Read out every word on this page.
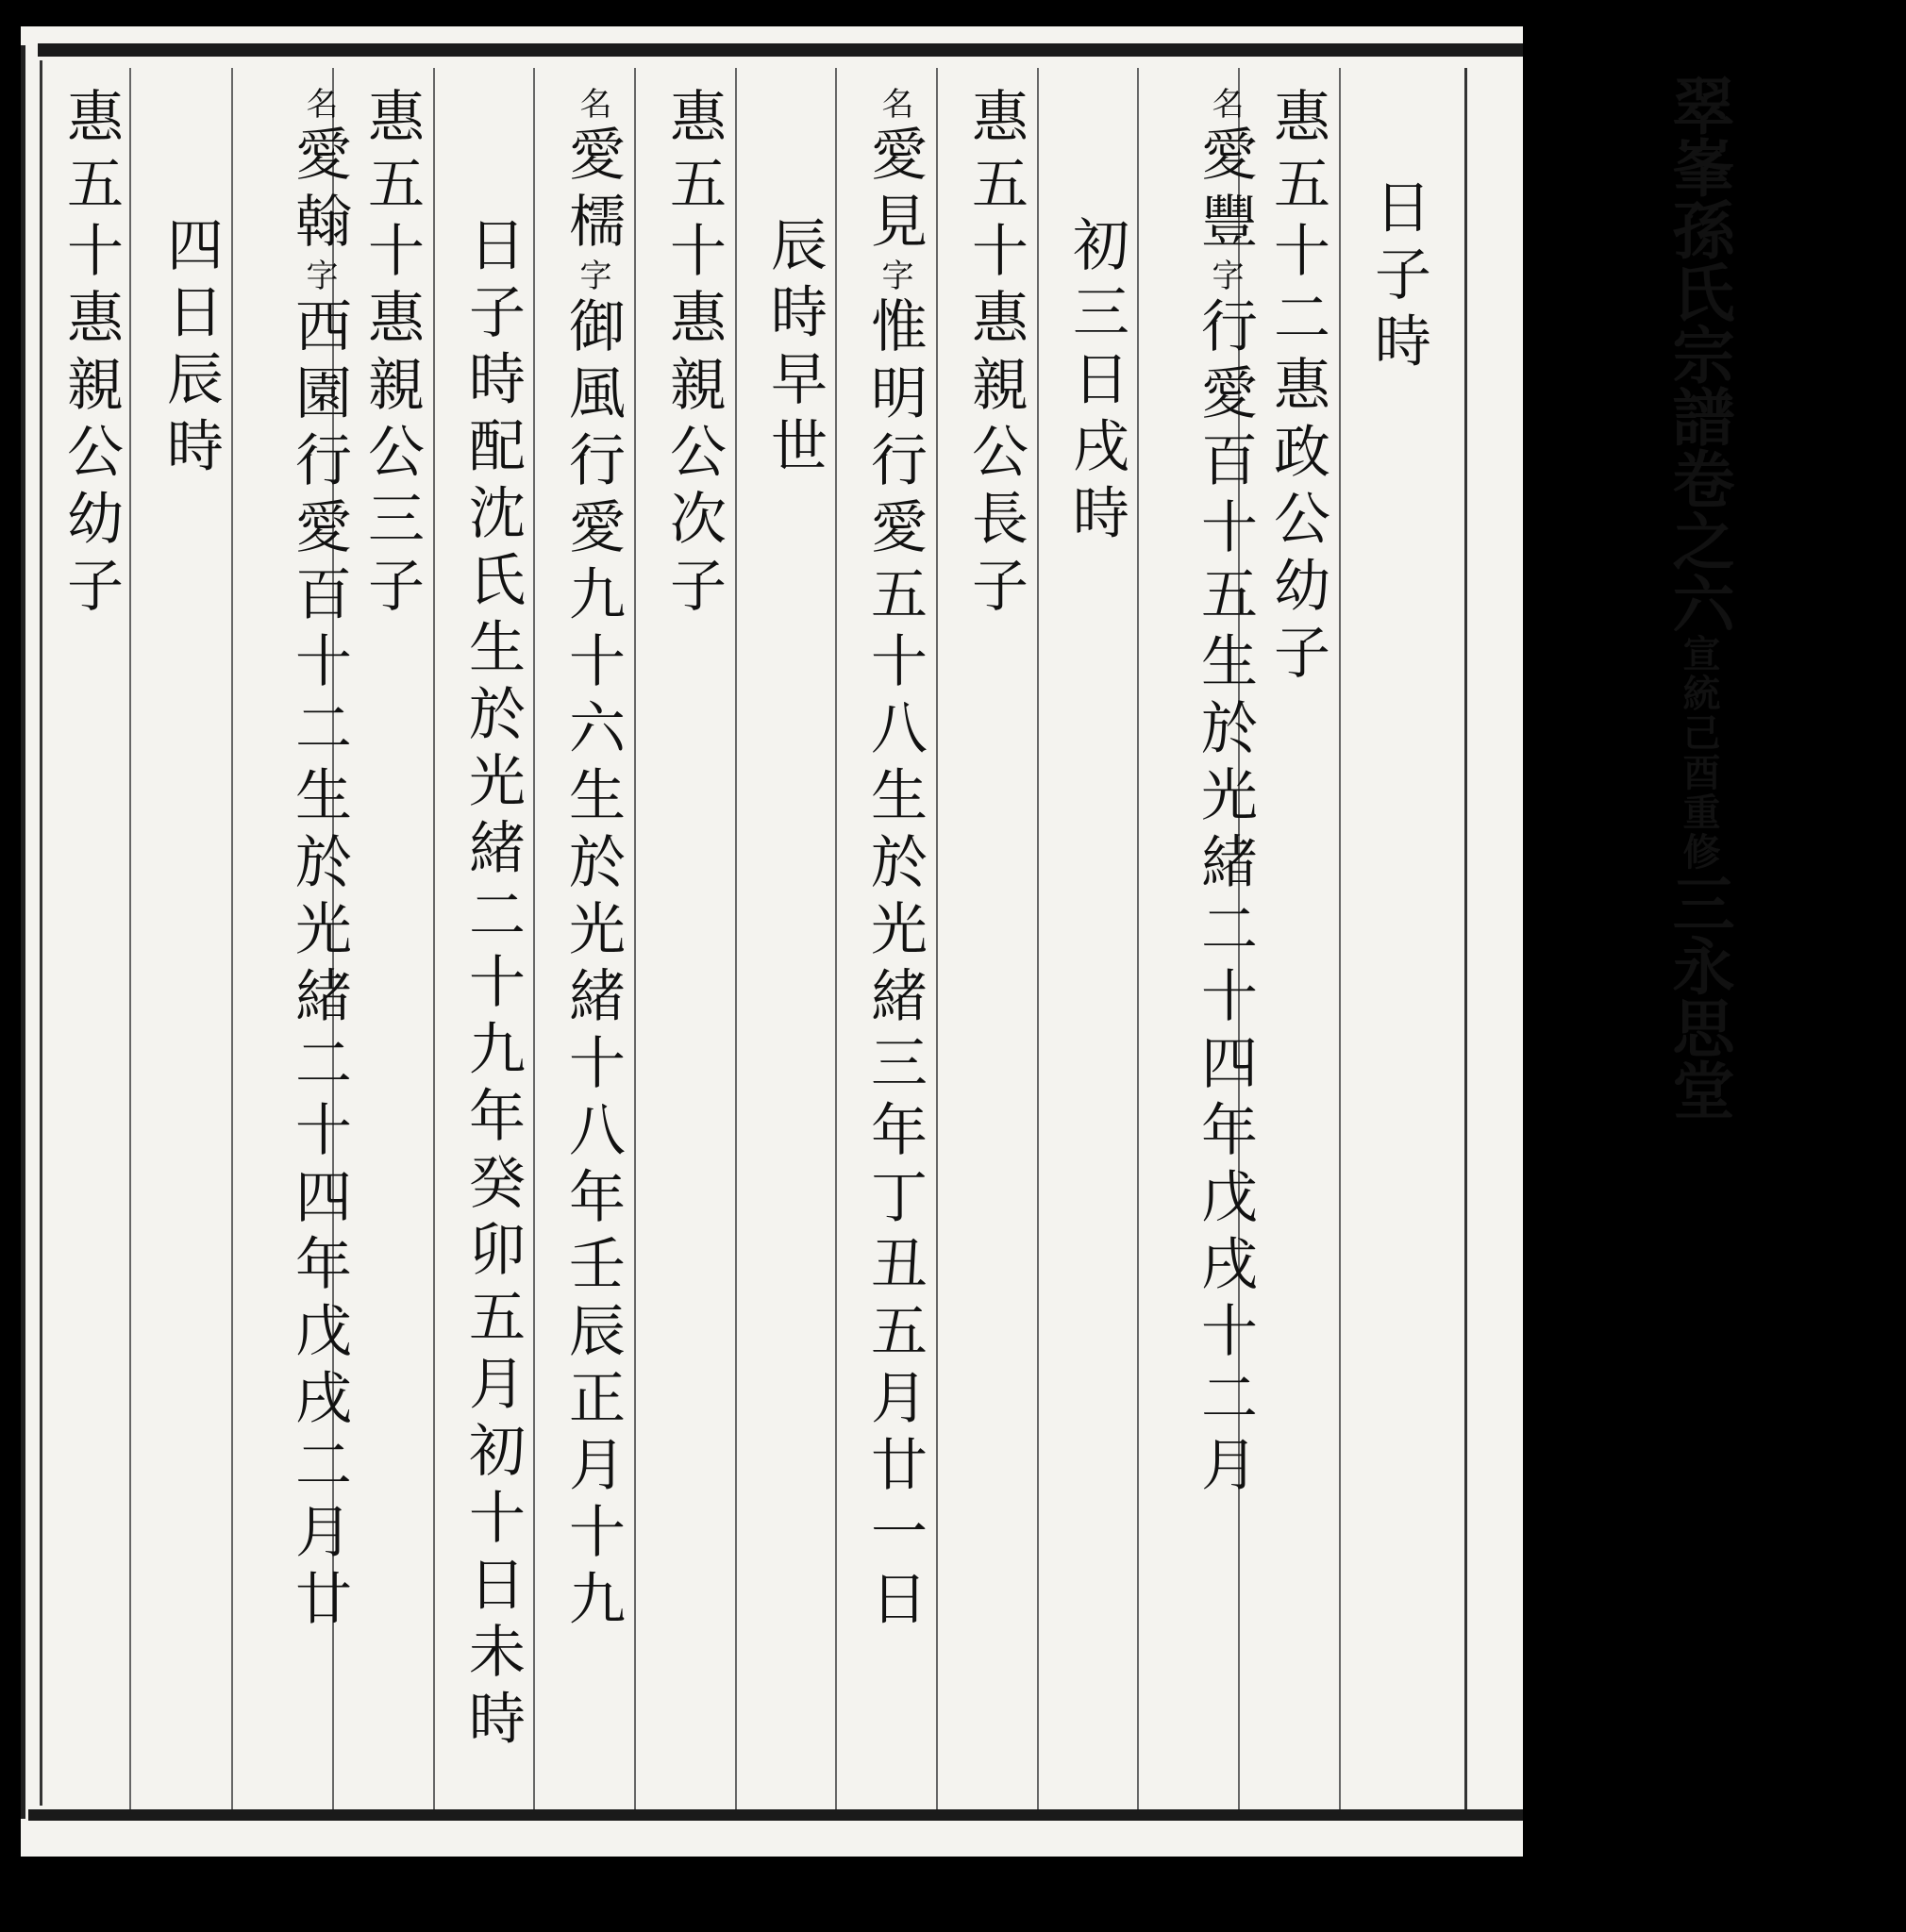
日子時
惠五十二惠政公幼子
名愛豐字行愛百十五生於光緒二十四年戊戌十二月
初三日戌時
惠五十惠親公長子
名愛見字惟明行愛五十八生於光緒三年丁丑五月廿一日
辰時早世
惠五十惠親公次子
名愛檽字御風行愛九十六生於光緒十八年壬辰正月十九
日子時配沈氏生於光緒二十九年癸卯五月初十日未時
惠五十惠親公三子
名愛翰字西園行愛百十二生於光緒二十四年戊戌二月廿
四日辰時
惠五十惠親公幼子	翠峯孫氏宗譜卷之六宣統己酉重修三永思堂
